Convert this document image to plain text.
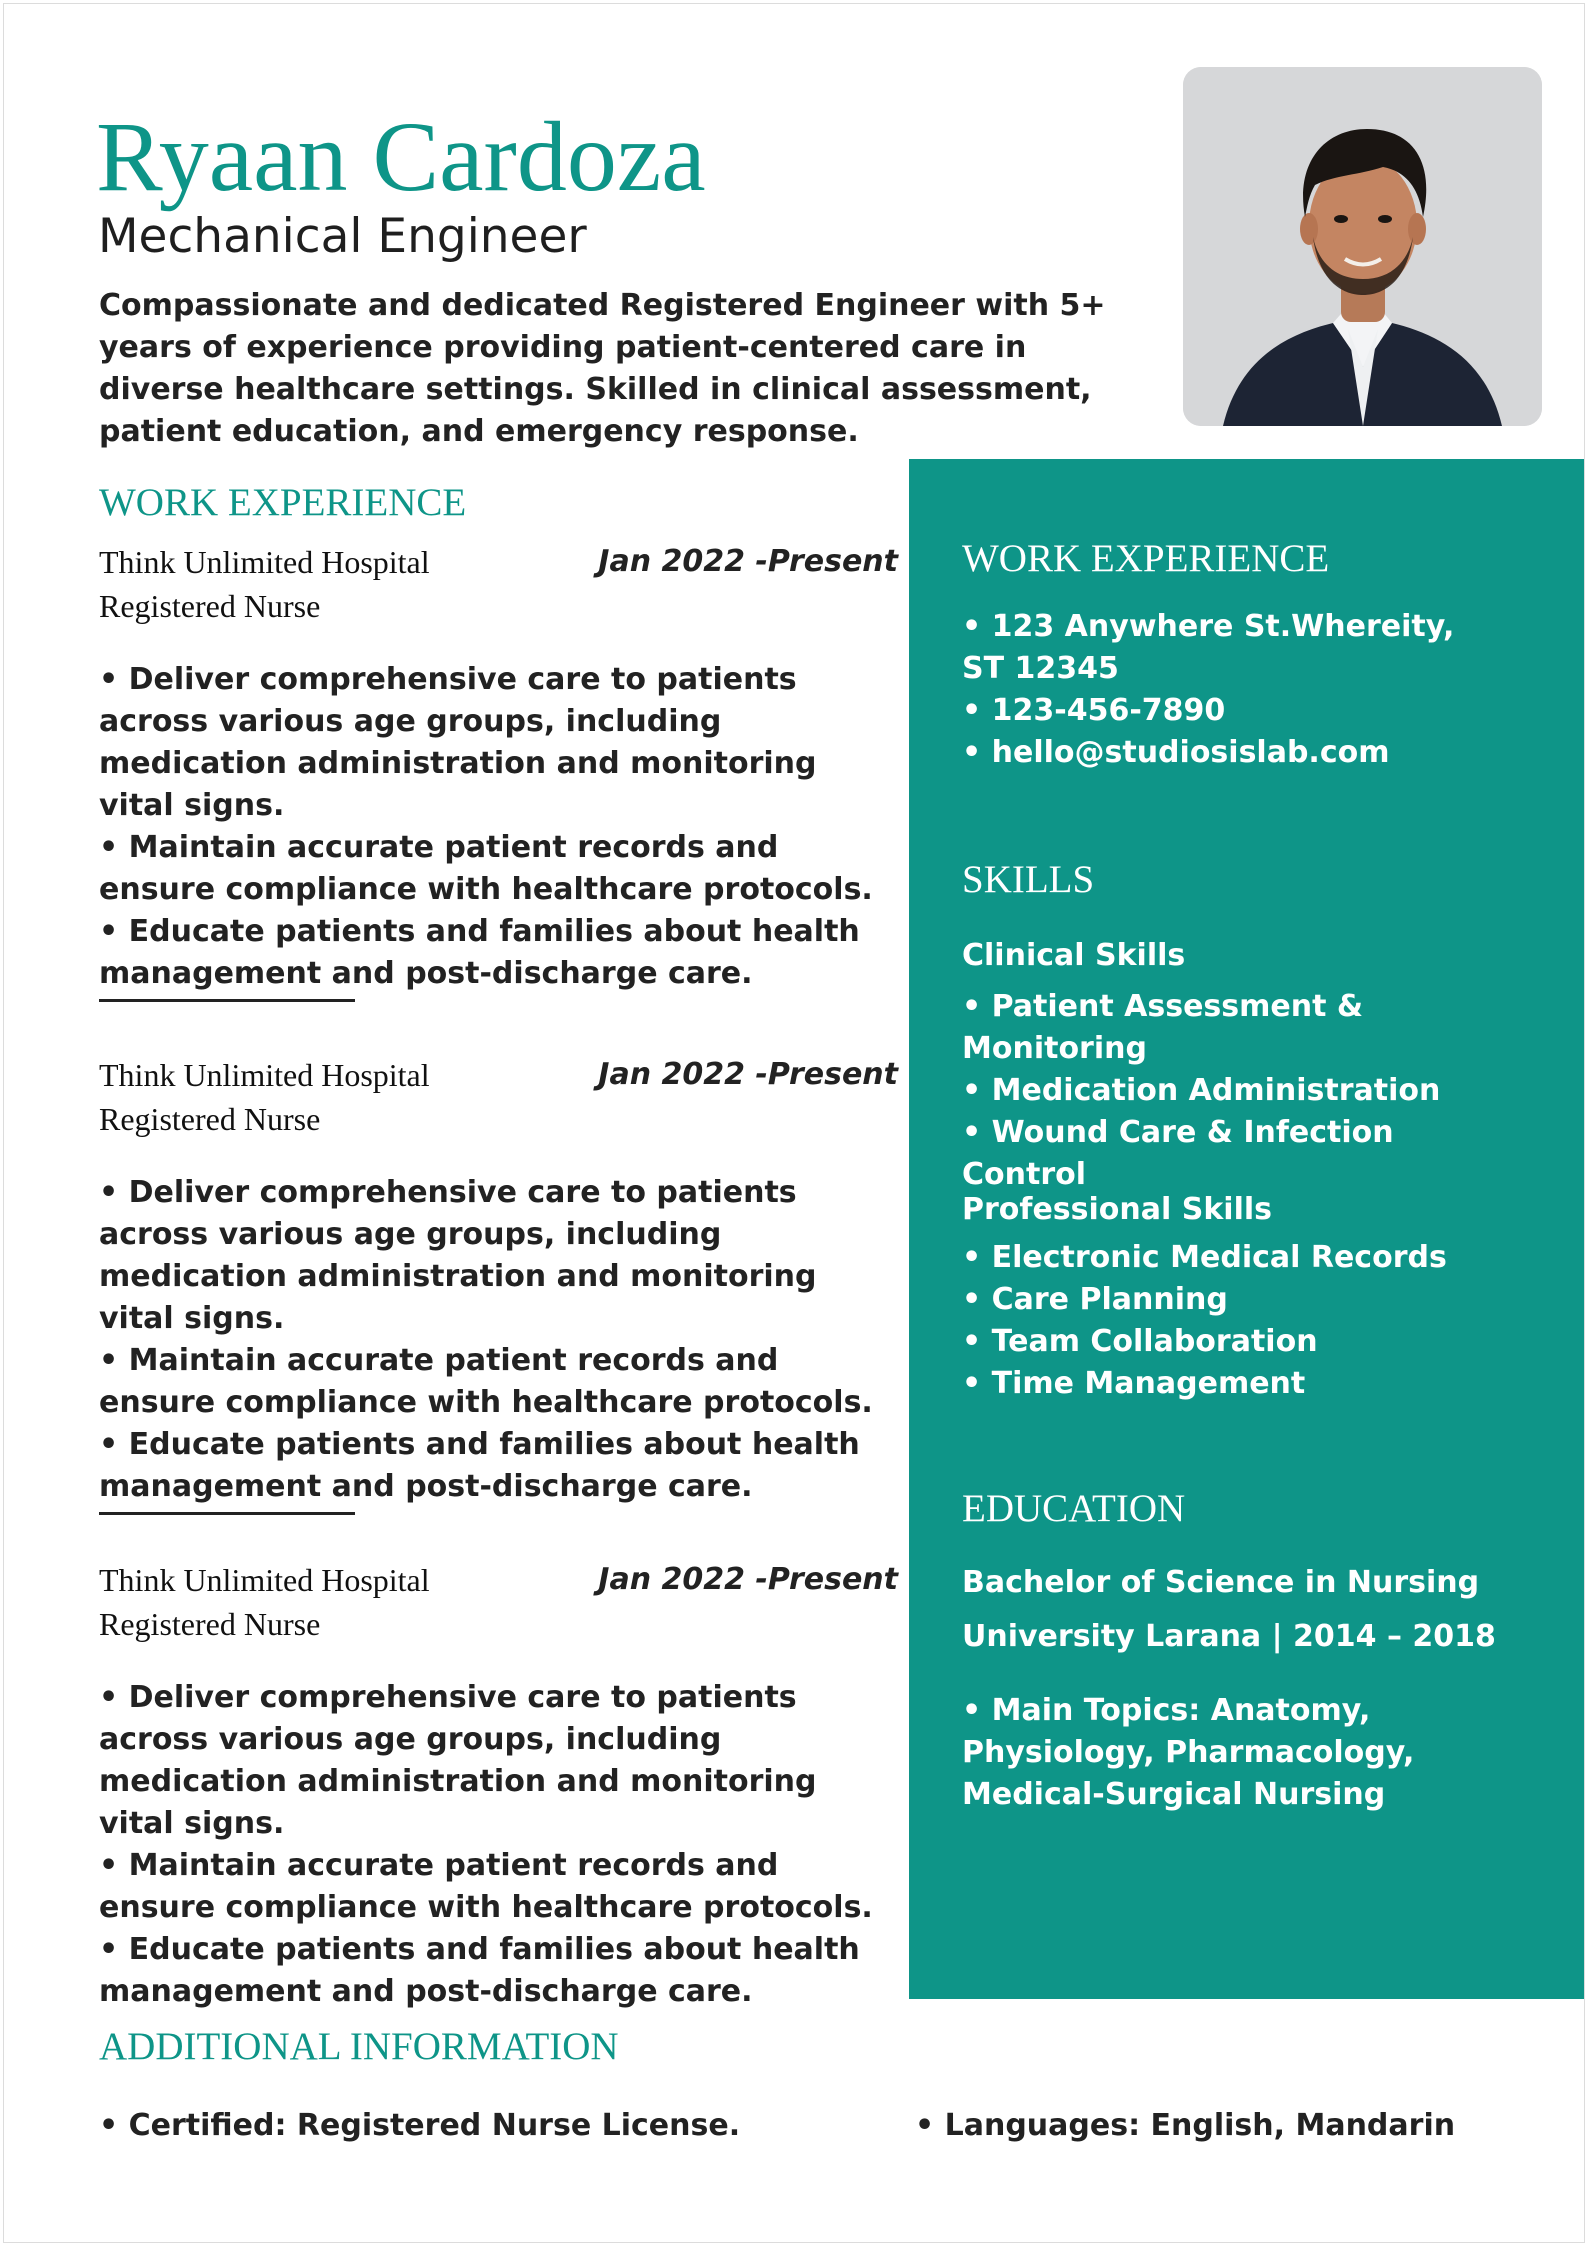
Ryaan Cardoza
Mechanical Engineer
Compassionate and dedicated Registered Engineer with 5+ years of experience providing patient-centered care in diverse healthcare settings. Skilled in clinical assessment, patient education, and emergency response.
WORK EXPERIENCE
Think Unlimited Hospital
Registered Nurse
Jan 2022 -Present
• Deliver comprehensive care to patients across various age groups, including medication administration and monitoring vital signs.
• Maintain accurate patient records and ensure compliance with healthcare protocols.
• Educate patients and families about health management and post-discharge care.
Think Unlimited Hospital
Registered Nurse
Jan 2022 -Present
• Deliver comprehensive care to patients across various age groups, including medication administration and monitoring vital signs.
• Maintain accurate patient records and ensure compliance with healthcare protocols.
• Educate patients and families about health management and post-discharge care.
Think Unlimited Hospital
Registered Nurse
Jan 2022 -Present
• Deliver comprehensive care to patients across various age groups, including medication administration and monitoring vital signs.
• Maintain accurate patient records and ensure compliance with healthcare protocols.
• Educate patients and families about health management and post-discharge care.
ADDITIONAL INFORMATION
• Certified: Registered Nurse License.	• Languages: English, Mandarin
WORK EXPERIENCE
• 123 Anywhere St.Whereity, ST 12345
• 123-456-7890
• hello@studiosislab.com
SKILLS
Clinical Skills
• Patient Assessment & Monitoring
• Medication Administration
• Wound Care & Infection Control
Professional Skills
• Electronic Medical Records
• Care Planning
• Team Collaboration
• Time Management
EDUCATION
Bachelor of Science in Nursing
University Larana | 2014 – 2018
• Main Topics: Anatomy, Physiology, Pharmacology, Medical-Surgical Nursing
